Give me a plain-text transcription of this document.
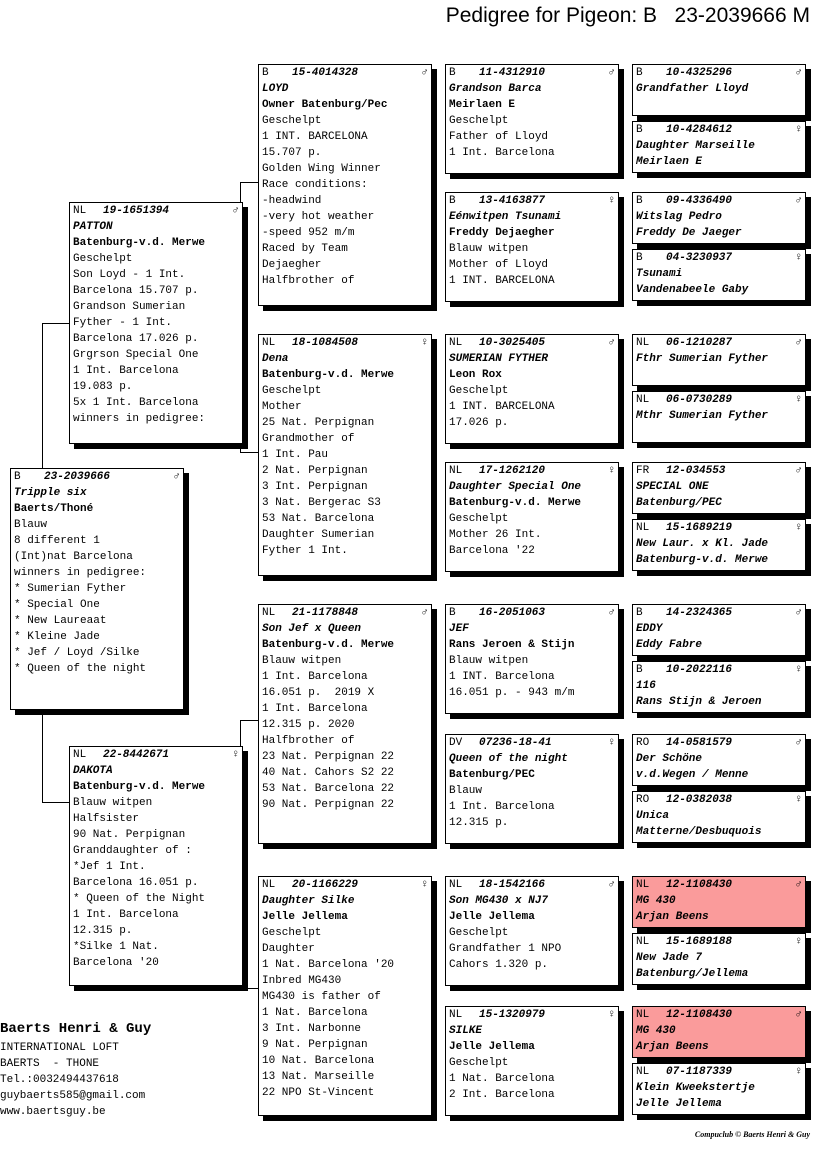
Pedigree for Pigeon: B   23-2039666 M
B	23-2039666	♂
Tripple six
Baerts/Thoné
Blauw
8 different 1
(Int)nat Barcelona
winners in pedigree:
* Sumerian Fyther
* Special One
* New Laureaat
* Kleine Jade
* Jef / Loyd /Silke
* Queen of the night
NL	19-1651394	♂
PATTON
Batenburg-v.d. Merwe
Geschelpt
Son Loyd - 1 Int.
Barcelona 15.707 p.
Grandson Sumerian
Fyther - 1 Int.
Barcelona 17.026 p.
Grgrson Special One
1 Int. Barcelona
19.083 p.
5x 1 Int. Barcelona
winners in pedigree:
NL	22-8442671	♀
DAKOTA
Batenburg-v.d. Merwe
Blauw witpen
Halfsister
90 Nat. Perpignan
Granddaughter of :
*Jef 1 Int.
Barcelona 16.051 p.
* Queen of the Night
1 Int. Barcelona
12.315 p.
*Silke 1 Nat.
Barcelona '20
B	15-4014328	♂
LOYD
Owner Batenburg/Pec
Geschelpt
1 INT. BARCELONA
15.707 p.
Golden Wing Winner
Race conditions:
-headwind
-very hot weather
-speed 952 m/m
Raced by Team
Dejaegher
Halfbrother of
NL	18-1084508	♀
Dena
Batenburg-v.d. Merwe
Geschelpt
Mother
25 Nat. Perpignan
Grandmother of
1 Int. Pau
2 Nat. Perpignan
3 Int. Perpignan
3 Nat. Bergerac S3
53 Nat. Barcelona
Daughter Sumerian
Fyther 1 Int.
NL	21-1178848	♂
Son Jef x Queen
Batenburg-v.d. Merwe
Blauw witpen
1 Int. Barcelona
16.051 p.  2019 X
1 Int. Barcelona
12.315 p. 2020
Halfbrother of
23 Nat. Perpignan 22
40 Nat. Cahors S2 22
53 Nat. Barcelona 22
90 Nat. Perpignan 22
NL	20-1166229	♀
Daughter Silke
Jelle Jellema
Geschelpt
Daughter
1 Nat. Barcelona '20
Inbred MG430
MG430 is father of
1 Nat. Barcelona
3 Int. Narbonne
9 Nat. Perpignan
10 Nat. Barcelona
13 Nat. Marseille
22 NPO St-Vincent
B	11-4312910	♂
Grandson Barca
Meirlaen E
Geschelpt
Father of Lloyd
1 Int. Barcelona
B	13-4163877	♀
Eénwitpen Tsunami
Freddy Dejaegher
Blauw witpen
Mother of Lloyd
1 INT. BARCELONA
NL	10-3025405	♂
SUMERIAN FYTHER
Leon Rox
Geschelpt
1 INT. BARCELONA
17.026 p.
NL	17-1262120	♀
Daughter Special One
Batenburg-v.d. Merwe
Geschelpt
Mother 26 Int.
Barcelona '22
B	16-2051063	♂
JEF
Rans Jeroen & Stijn
Blauw witpen
1 INT. Barcelona
16.051 p. - 943 m/m
DV	07236-18-41	♀
Queen of the night
Batenburg/PEC
Blauw
1 Int. Barcelona
12.315 p.
NL	18-1542166	♂
Son MG430 x NJ7
Jelle Jellema
Geschelpt
Grandfather 1 NPO
Cahors 1.320 p.
NL	15-1320979	♀
SILKE
Jelle Jellema
Geschelpt
1 Nat. Barcelona
2 Int. Barcelona
B	10-4325296	♂
Grandfather Lloyd
B	10-4284612	♀
Daughter Marseille
Meirlaen E
B	09-4336490	♂
Witslag Pedro
Freddy De Jaeger
B	04-3230937	♀
Tsunami
Vandenabeele Gaby
NL	06-1210287	♂
Fthr Sumerian Fyther
NL	06-0730289	♀
Mthr Sumerian Fyther
FR	12-034553	♂
SPECIAL ONE
Batenburg/PEC
NL	15-1689219	♀
New Laur. x Kl. Jade
Batenburg-v.d. Merwe
B	14-2324365	♂
EDDY
Eddy Fabre
B	10-2022116	♀
116
Rans Stijn & Jeroen
RO	14-0581579	♂
Der Schöne
v.d.Wegen / Menne
RO	12-0382038	♀
Unica
Matterne/Desbuquois
NL	12-1108430	♂
MG 430
Arjan Beens
NL	15-1689188	♀
New Jade 7
Batenburg/Jellema
NL	12-1108430	♂
MG 430
Arjan Beens
NL	07-1187339	♀
Klein Kweekstertje
Jelle Jellema
Baerts Henri & Guy
INTERNATIONAL LOFT
BAERTS  - THONE
Tel.:0032494437618
guybaerts585@gmail.com
www.baertsguy.be
Compuclub © Baerts Henri & Guy
